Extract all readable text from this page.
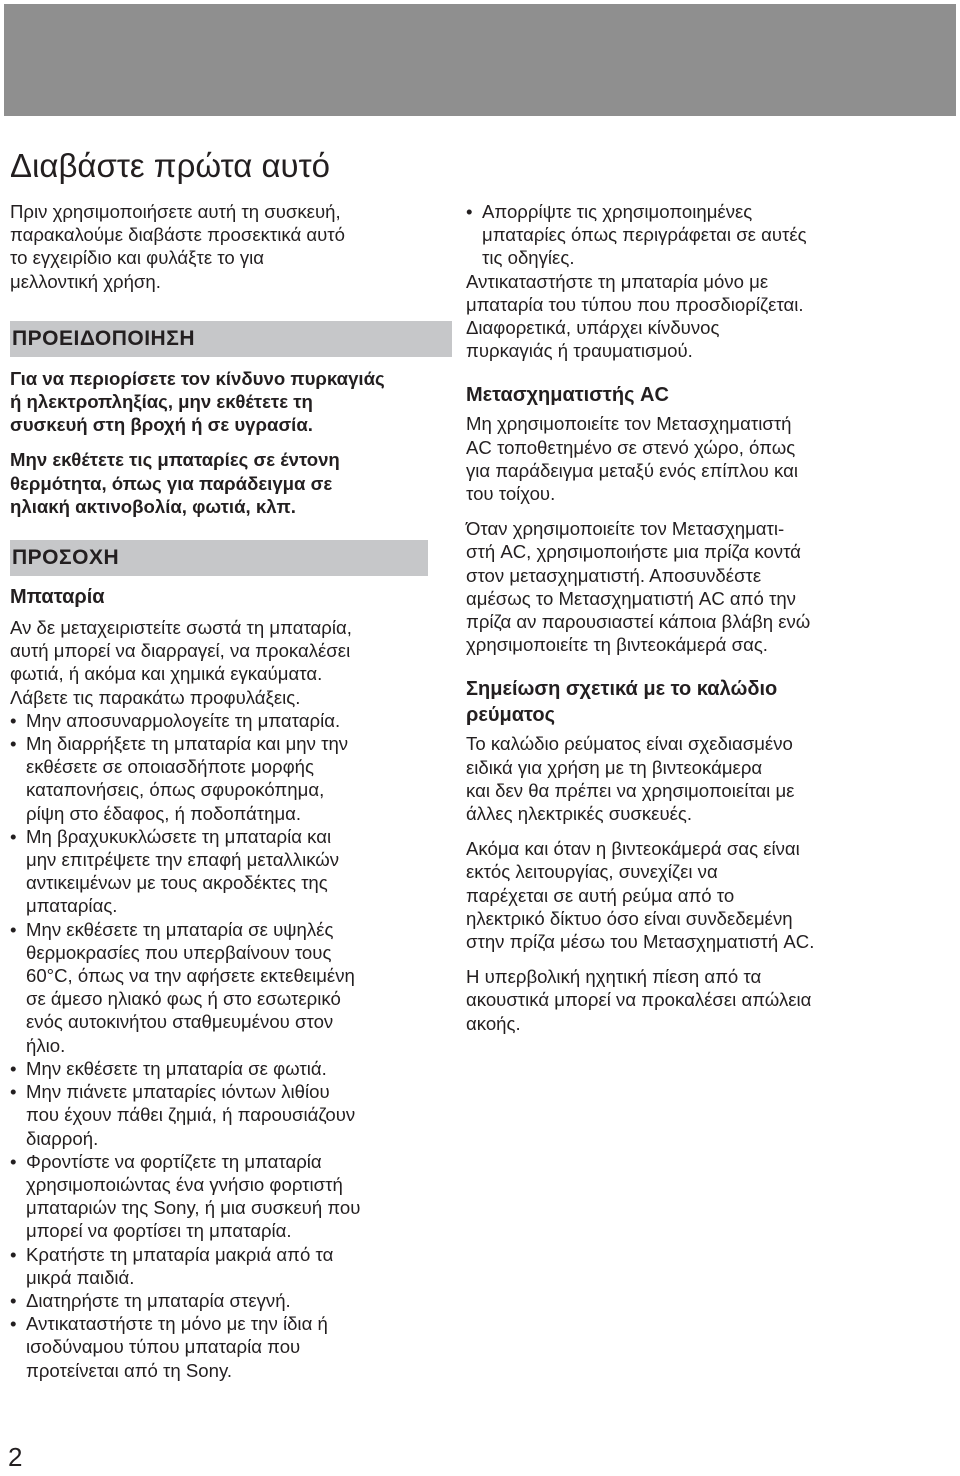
Διαβάστε πρώτα αυτό

Πριν χρησιμοποιήσετε αυτή τη συσκευή,
παρακαλούμε διαβάστε προσεκτικά αυτό
το εγχειρίδιο και φυλάξτε το για
μελλοντική χρήση.

ΠΡΟΕΙΔΟΠΟΙΗΣΗ

Για να περιορίσετε τον κίνδυνο πυρκαγιάς
ή ηλεκτροπληξίας, μην εκθέτετε τη
συσκευή στη βροχή ή σε υγρασία.

Μην εκθέτετε τις μπαταρίες σε έντονη
θερμότητα, όπως για παράδειγμα σε
ηλιακή ακτινοβολία, φωτιά, κλπ.

ΠΡΟΣΟΧΗ
Μπαταρία

Αν δε μεταχειριστείτε σωστά τη μπαταρία,
αυτή μπορεί να διαρραγεί, να προκαλέσει
φωτιά, ή ακόμα και χημικά εγκαύματα.
Λάβετε τις παρακάτω προφυλάξεις.

• Μην αποσυναρμολογείτε τη μπαταρία.
• Μη διαρρήξετε τη μπαταρία και μην την
εκθέσετε σε οποιασδήποτε μορφής
καταπονήσεις, όπως σφυροκόπημα,
ρίψη στο έδαφος, ή ποδοπάτημα.
• Μη βραχυκυκλώσετε τη μπαταρία και
μην επιτρέψετε την επαφή μεταλλικών
αντικειμένων με τους ακροδέκτες της
μπαταρίας.
• Μην εκθέσετε τη μπαταρία σε υψηλές
θερμοκρασίες που υπερβαίνουν τους
60°C, όπως να την αφήσετε εκτεθειμένη
σε άμεσο ηλιακό φως ή στο εσωτερικό
ενός αυτοκινήτου σταθμευμένου στον
ήλιο.
• Μην εκθέσετε τη μπαταρία σε φωτιά.
• Μην πιάνετε μπαταρίες ιόντων λιθίου
που έχουν πάθει ζημιά, ή παρουσιάζουν
διαρροή.
• Φροντίστε να φορτίζετε τη μπαταρία
χρησιμοποιώντας ένα γνήσιο φορτιστή
μπαταριών της Sony, ή μια συσκευή που
μπορεί να φορτίσει τη μπαταρία.
• Κρατήστε τη μπαταρία μακριά από τα
μικρά παιδιά.
• Διατηρήστε τη μπαταρία στεγνή.
• Αντικαταστήστε τη μόνο με την ίδια ή
ισοδύναμου τύπου μπαταρία που
προτείνεται από τη Sony.
• Απορρίψτε τις χρησιμοποιημένες
μπαταρίες όπως περιγράφεται σε αυτές
τις οδηγίες.

Αντικαταστήστε τη μπαταρία μόνο με
μπαταρία του τύπου που προσδιορίζεται.
Διαφορετικά, υπάρχει κίνδυνος
πυρκαγιάς ή τραυματισμού.

Μετασχηματιστής AC

Μη χρησιμοποιείτε τον Μετασχηματιστή
AC τοποθετημένο σε στενό χώρο, όπως
για παράδειγμα μεταξύ ενός επίπλου και
του τοίχου.

Όταν χρησιμοποιείτε τον Μετασχηματι-
στή AC, χρησιμοποιήστε μια πρίζα κοντά
στον μετασχηματιστή. Αποσυνδέστε
αμέσως το Μετασχηματιστή AC από την
πρίζα αν παρουσιαστεί κάποια βλάβη ενώ
χρησιμοποιείτε τη βιντεοκάμερά σας.

Σημείωση σχετικά με το καλώδιο
ρεύματος

Το καλώδιο ρεύματος είναι σχεδιασμένο
ειδικά για χρήση με τη βιντεοκάμερα
και δεν θα πρέπει να χρησιμοποιείται με
άλλες ηλεκτρικές συσκευές.

Ακόμα και όταν η βιντεοκάμερά σας είναι
εκτός λειτουργίας, συνεχίζει να
παρέχεται σε αυτή ρεύμα από το
ηλεκτρικό δίκτυο όσο είναι συνδεδεμένη
στην πρίζα μέσω του Μετασχηματιστή AC.

Η υπερβολική ηχητική πίεση από τα
ακουστικά μπορεί να προκαλέσει απώλεια
ακοής.

2
